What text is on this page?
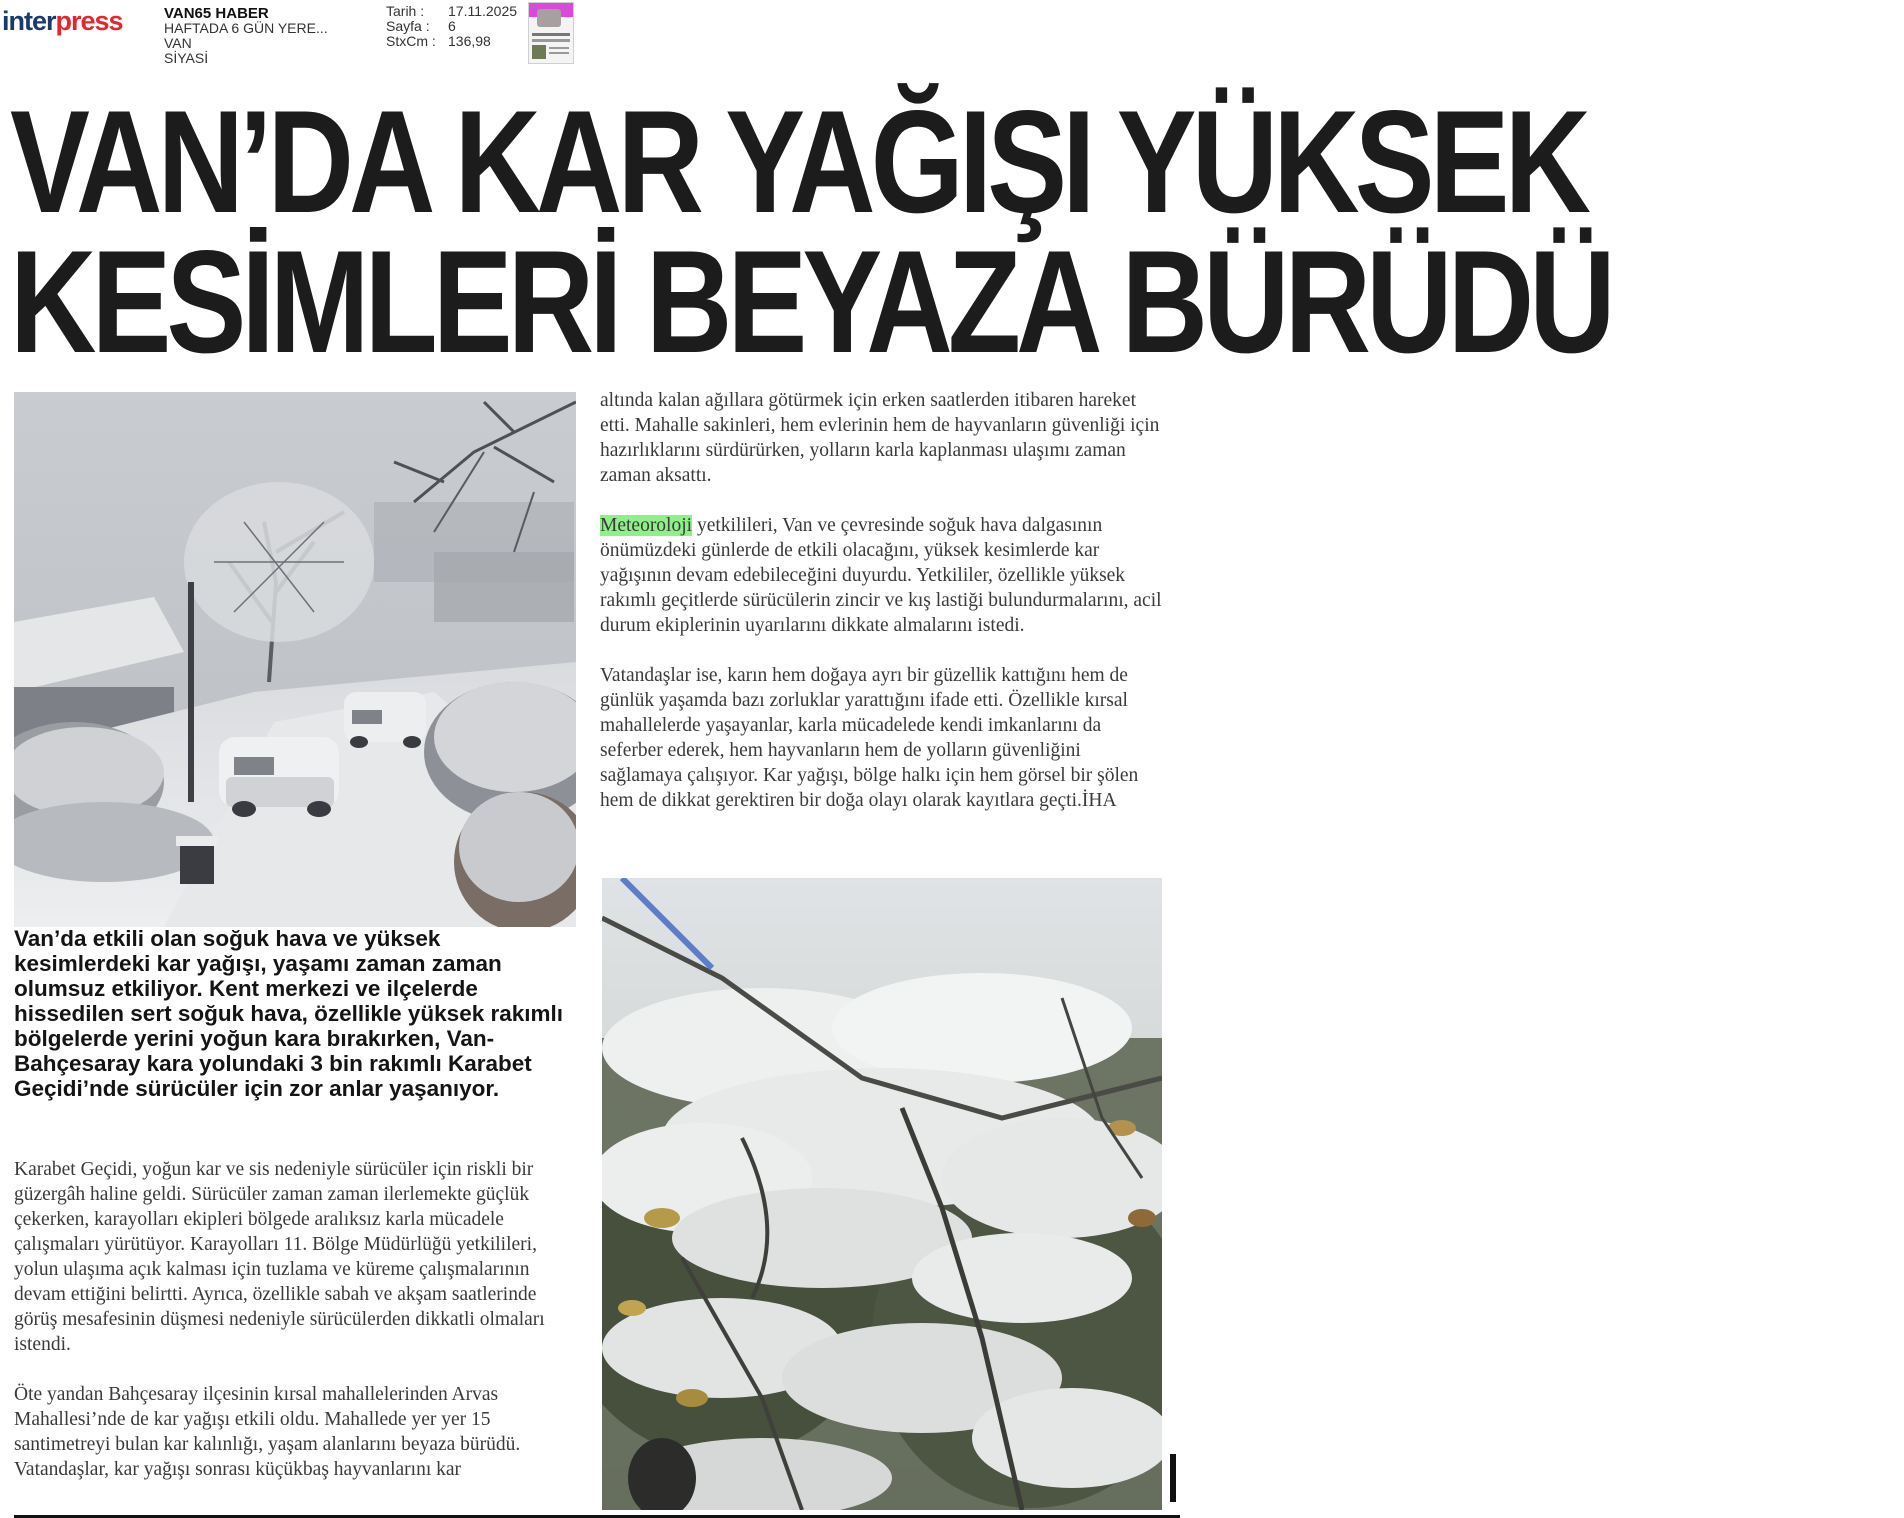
interpress	VAN65 HABER
HAFTADA 6 GÜN YERE...
VAN
SİYASİ
Tarih :
Sayfa :
StxCm :
17.11.2025
6
136,98
VAN’DA KAR YAĞIŞI YÜKSEK
KESİMLERİ BEYAZA BÜRÜDÜ

Van’da etkili olan soğuk hava ve yüksek kesimlerdeki kar yağışı, yaşamı zaman zaman olumsuz etkiliyor. Kent merkezi ve ilçelerde hissedilen sert soğuk hava, özellikle yüksek rakımlı bölgelerde yerini yoğun kara bırakırken, Van-Bahçesaray kara yolundaki 3 bin rakımlı Karabet Geçidi’nde sürücüler için zor anlar yaşanıyor.

Karabet Geçidi, yoğun kar ve sis nedeniyle sürücüler için riskli bir güzergâh haline geldi. Sürücüler zaman zaman ilerlemekte güçlük çekerken, karayolları ekipleri bölgede aralıksız karla mücadele çalışmaları yürütüyor. Karayolları 11. Bölge Müdürlüğü yetkilileri, yolun ulaşıma açık kalması için tuzlama ve küreme çalışmalarının devam ettiğini belirtti. Ayrıca, özellikle sabah ve akşam saatlerinde görüş mesafesinin düşmesi nedeniyle sürücülerden dikkatli olmaları istendi.

Öte yandan Bahçesaray ilçesinin kırsal mahallelerinden Arvas Mahallesi’nde de kar yağışı etkili oldu. Mahallede yer yer 15 santimetreyi bulan kar kalınlığı, yaşam alanlarını beyaza bürüdü. Vatandaşlar, kar yağışı sonrası küçükbaş hayvanlarını kar

altında kalan ağıllara götürmek için erken saatlerden itibaren hareket etti. Mahalle sakinleri, hem evlerinin hem de hayvanların güvenliği için hazırlıklarını sürdürürken, yolların karla kaplanması ulaşımı zaman zaman aksattı.

Meteoroloji yetkilileri, Van ve çevresinde soğuk hava dalgasının önümüzdeki günlerde de etkili olacağını, yüksek kesimlerde kar yağışının devam edebileceğini duyurdu. Yetkililer, özellikle yüksek rakımlı geçitlerde sürücülerin zincir ve kış lastiği bulundurmalarını, acil durum ekiplerinin uyarılarını dikkate almalarını istedi.

Vatandaşlar ise, karın hem doğaya ayrı bir güzellik kattığını hem de günlük yaşamda bazı zorluklar yarattığını ifade etti. Özellikle kırsal mahallelerde yaşayanlar, karla mücadelede kendi imkanlarını da seferber ederek, hem hayvanların hem de yolların güvenliğini sağlamaya çalışıyor. Kar yağışı, bölge halkı için hem görsel bir şölen hem de dikkat gerektiren bir doğa olayı olarak kayıtlara geçti.İHA
